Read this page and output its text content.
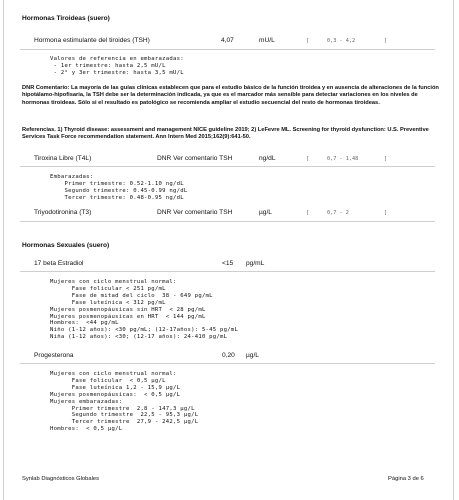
Hormonas Tiroideas (suero)
Hormona estimulante del tiroides (TSH)	4,07	mU/L	[	0,3 - 4,2	]
Valores de referencia en embarazadas:
- 1er trimestre: hasta 2,5 mU/L
- 2° y 3er trimestre: hasta 3,5 mU/L
DNR Comentario: La mayoría de las guías clínicas establecen que para el estudio básico de la función tiroidea y en ausencia de alteraciones de la función hipotálamo-hipofisaria, la TSH debe ser la determinación indicada, ya que es el marcador más sensible para detectar variaciones en los niveles de hormonas tiroideas. Sólo si el resultado es patológico se recomienda ampliar el estudio secuencial del resto de hormonas tiroideas.
Referencias. 1) Thyroid disease: assessment and management NICE guideline 2019; 2) LeFevre ML. Screening for thyroid dysfunction: U.S. Preventive Services Task Force recommendation statement. Ann Intern Med 2015;162(9):641-50.
Tiroxina Libre (T4L)	DNR Ver comentario TSH	ng/dL	[	0,7 - 1,48	]
Embarazadas:
Primer trimestre: 0.52-1.10 ng/dL
Segundo trimestre: 0.45-0.99 ng/dL
Tercer trimestre: 0.48-0.95 ng/dL
Triyodotironina (T3)	DNR Ver comentario TSH	µg/L	[	0,7 - 2	]
Hormonas Sexuales (suero)
17 beta Estradiol	<15 pg/mL
Mujeres con ciclo menstrual normal:
Fase folicular < 251 pg/mL
Fase de mitad del ciclo  38 - 649 pg/mL
Fase luteínica < 312 pg/mL
Mujeres posmenopáusicas sin HRT  < 28 pg/mL
Mujeres posmenopáusicas en HRT  < 144 pg/mL
Hombres:  <44 pg/mL
Niño (1-12 años): <30 pg/mL; (12-17años): 5-45 pg/mL
Niña (1-12 años): <30; (12-17 años): 24-410 pg/mL
Progesterona	0,20 µg/L
Mujeres con ciclo menstrual normal:
Fase folicular  < 0,5 µg/L
Fase luteínica 1,2 - 15,9 µg/L
Mujeres posmenopáusicas:  < 0,5 µg/L
Mujeres embarazadas:
Primer trimestre  2,8 - 147,3 µg/L
Segundo trimestre  22,5 - 95,3 µg/L
Tercer trimestre  27,9 - 242,5 µg/L
Hombres:  < 0,5 µg/L
Synlab Diagnósticos Globales	Página 3 de 6
